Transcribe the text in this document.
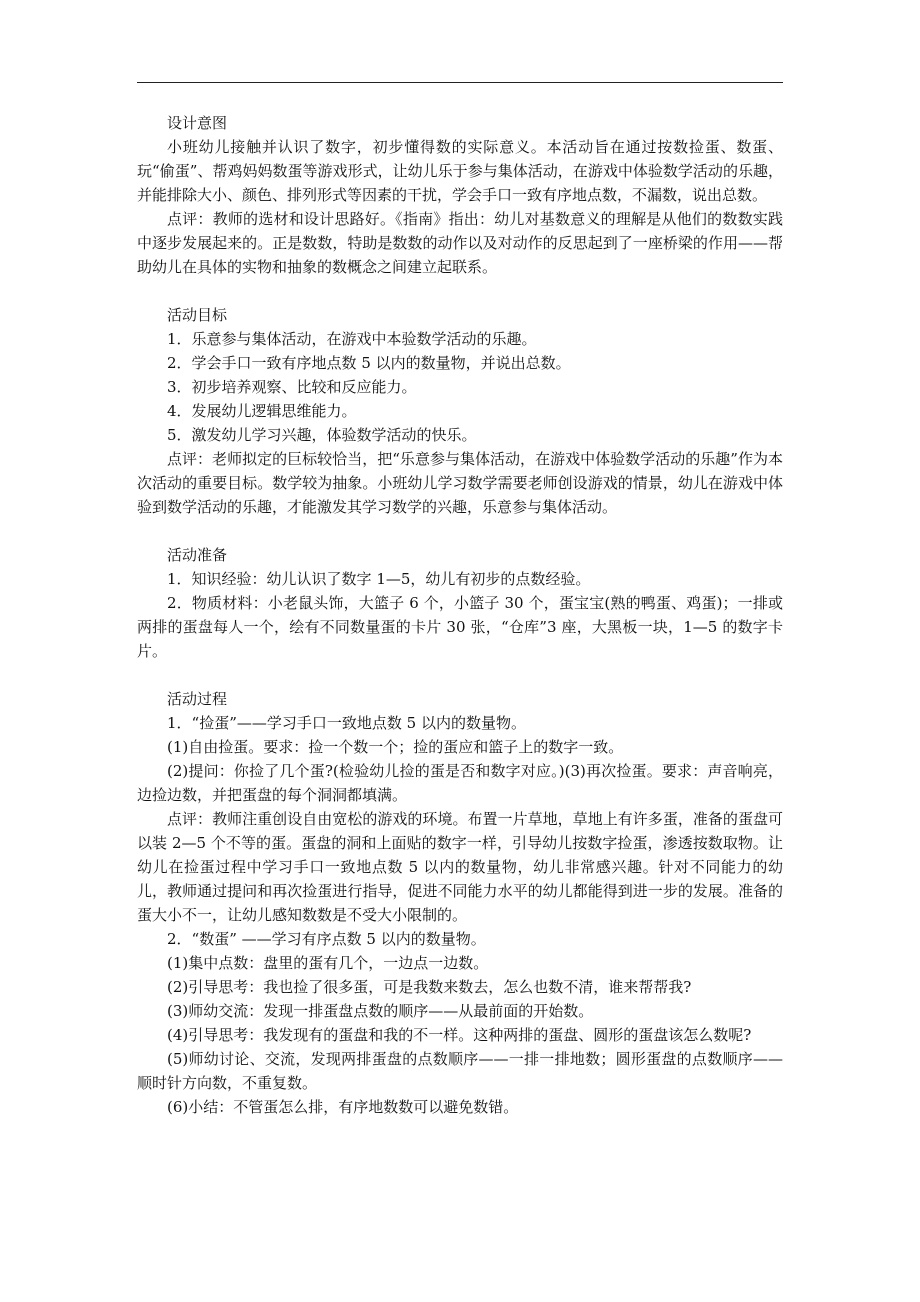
设计意图

小班幼儿接触并认识了数字，初步懂得数的实际意义。本活动旨在通过按数捡蛋、数蛋、玩“偷蛋”、帮鸡妈妈数蛋等游戏形式，让幼儿乐于参与集体活动，在游戏中体验数学活动的乐趣，并能排除大小、颜色、排列形式等因素的干扰，学会手口一致有序地点数，不漏数，说出总数。

点评：教师的选材和设计思路好。《指南》指出：幼儿对基数意义的理解是从他们的数数实践中逐步发展起来的。正是数数，特助是数数的动作以及对动作的反思起到了一座桥梁的作用——帮助幼儿在具体的实物和抽象的数概念之间建立起联系。

活动目标

1．乐意参与集体活动，在游戏中本验数学活动的乐趣。

2．学会手口一致有序地点数 5 以内的数量物，并说出总数。

3．初步培养观察、比较和反应能力。

4．发展幼儿逻辑思维能力。

5．激发幼儿学习兴趣，体验数学活动的快乐。

点评：老师拟定的巨标较恰当，把“乐意参与集体活动，在游戏中体验数学活动的乐趣”作为本次活动的重要目标。数学较为抽象。小班幼儿学习数学需要老师创设游戏的情景，幼儿在游戏中体验到数学活动的乐趣，才能激发其学习数学的兴趣，乐意参与集体活动。

活动准备

1．知识经验：幼儿认识了数字 1—5，幼儿有初步的点数经验。

2．物质材料：小老鼠头饰，大篮子 6 个，小篮子 30 个，蛋宝宝(熟的鸭蛋、鸡蛋)；一排或两排的蛋盘每人一个，绘有不同数量蛋的卡片 30 张，“仓库”3 座，大黑板一块，1—5 的数字卡片。

活动过程

1．“捡蛋”——学习手口一致地点数 5 以内的数量物。

(1)自由捡蛋。要求：捡一个数一个；捡的蛋应和篮子上的数字一致。

(2)提问：你捡了几个蛋?(检验幼儿捡的蛋是否和数字对应。)(3)再次捡蛋。要求：声音响亮，边捡边数，并把蛋盘的每个洞洞都填满。

点评：教师注重创设自由宽松的游戏的环境。布置一片草地，草地上有许多蛋，准备的蛋盘可以装 2—5 个不等的蛋。蛋盘的洞和上面贴的数字一样，引导幼儿按数字捡蛋，渗透按数取物。让幼儿在捡蛋过程中学习手口一致地点数 5 以内的数量物，幼儿非常感兴趣。针对不同能力的幼儿，教师通过提问和再次捡蛋进行指导，促进不同能力水平的幼儿都能得到进一步的发展。准备的蛋大小不一，让幼儿感知数数是不受大小限制的。

2．“数蛋” ——学习有序点数 5 以内的数量物。

(1)集中点数：盘里的蛋有几个，一边点一边数。

(2)引导思考：我也捡了很多蛋，可是我数来数去，怎么也数不清，谁来帮帮我?

(3)师幼交流：发现一排蛋盘点数的顺序——从最前面的开始数。

(4)引导思考：我发现有的蛋盘和我的不一样。这种两排的蛋盘、圆形的蛋盘该怎么数呢?

(5)师幼讨论、交流，发现两排蛋盘的点数顺序——一排一排地数；圆形蛋盘的点数顺序——顺时针方向数，不重复数。

(6)小结：不管蛋怎么排，有序地数数可以避免数错。
